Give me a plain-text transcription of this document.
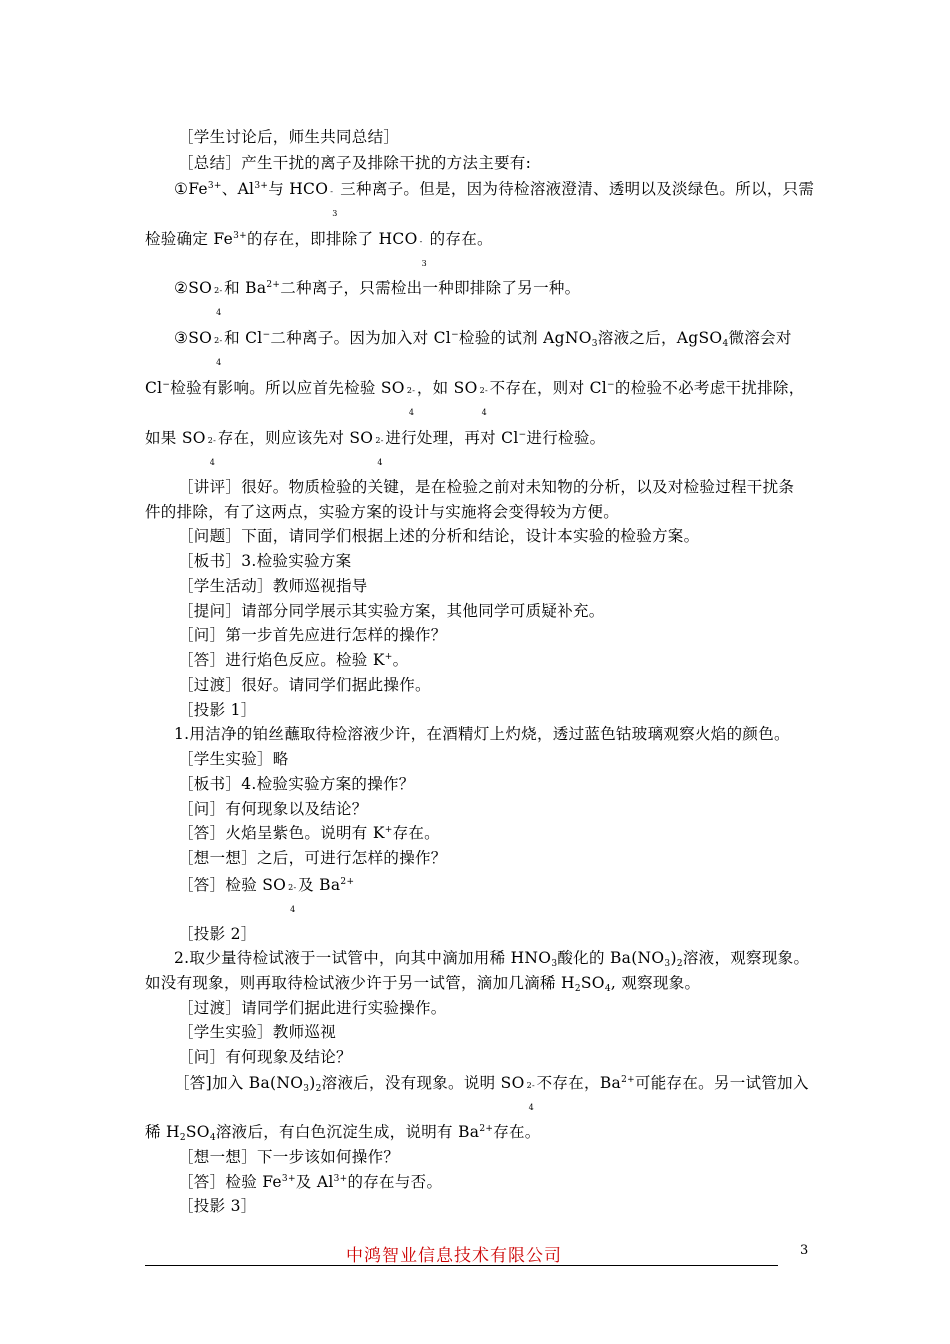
［学生讨论后，师生共同总结］
［总结］产生干扰的离子及排除干扰的方法主要有:
$①Fe^{3+}$、$Al^{3+}$与 HCO -
3
三种离子。但是，因为待检溶液澄清、透明以及淡绿色。所以，只需
检验确定 $Fe^{3+}$的存在，即排除了 HCO -
3
的存在。
②SO 2-
4
和 $Ba^{2+}$二种离子，只需检出一种即排除了另一种。
③SO 2-
4
和 Cl−二种离子。因为加入对 Cl−检验的试剂 AgNO$_3$溶液之后，AgSO$_4$微溶会对
Cl−检验有影响。所以应首先检验 SO 2-
4
，如 SO 2-
4
不存在，则对 Cl−的检验不必考虑干扰排除，
如果 SO 2-
4
存在，则应该先对 SO 2-
4
进行处理，再对 Cl−进行检验。
［讲评］很好。物质检验的关键，是在检验之前对未知物的分析，以及对检验过程干扰条
件的排除，有了这两点，实验方案的设计与实施将会变得较为方便。
［问题］下面，请同学们根据上述的分析和结论，设计本实验的检验方案。
［板书］3.检验实验方案
［学生活动］教师巡视指导
［提问］请部分同学展示其实验方案，其他同学可质疑补充。
［问］第一步首先应进行怎样的操作？
［答］进行焰色反应。检验 K+。
［过渡］很好。请同学们据此操作。
［投影 1］
1.用洁净的铂丝蘸取待检溶液少许，在酒精灯上灼烧，透过蓝色钴玻璃观察火焰的颜色。
［学生实验］略
［板书］4.检验实验方案的操作？
［问］有何现象以及结论？
［答］火焰呈紫色。说明有 K+存在。
［想一想］之后，可进行怎样的操作？
［答］检验 SO 2-
4
及 $Ba^{2+}$
［投影 2］
2.取少量待检试液于一试管中，向其中滴加用稀 $HNO_3$酸化的 $Ba(NO_3)_2$溶液，观察现象。
如没有现象，则再取待检试液少许于另一试管，滴加几滴稀 $H_2SO_4$, 观察现象。
［过渡］请同学们据此进行实验操作。
［学生实验］教师巡视
［问］有何现象及结论？
［答]加入 $Ba(NO_3)_2$溶液后，没有现象。说明 SO 2-
4
不存在，$Ba^{2+}$可能存在。另一试管加入
稀 $H_2SO_4$溶液后，有白色沉淀生成，说明有 $Ba^{2+}$存在。
［想一想］下一步该如何操作？
［答］检验 $Fe^{3+}$及 $Al^{3+}$的存在与否。
［投影 3］
中鸿智业信息技术有限公司	3
